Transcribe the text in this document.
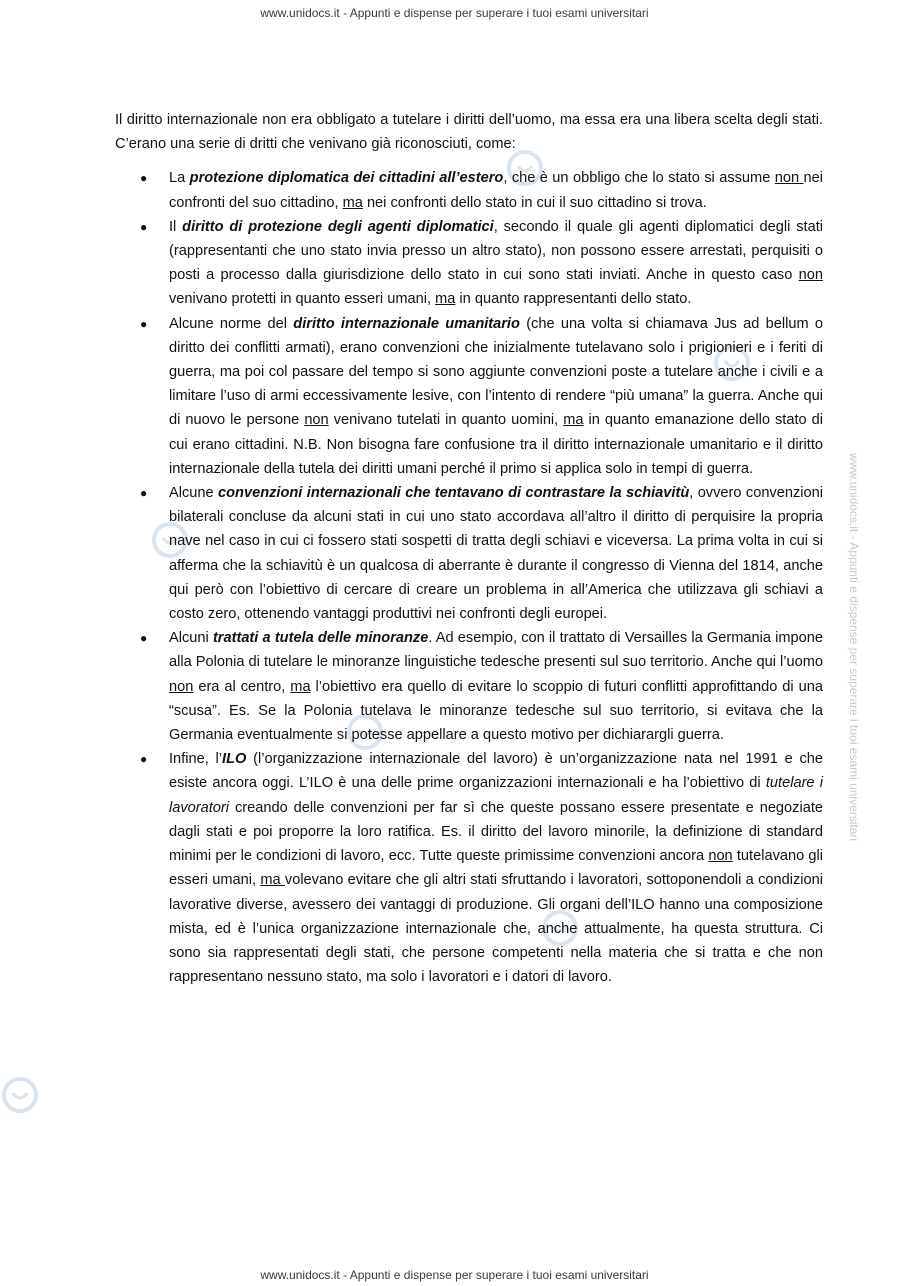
www.unidocs.it - Appunti e dispense per superare i tuoi esami universitari
www.unidocs.it - Appunti e dispense per superare i tuoi esami universitari
www.unidocs.it - Appunti e dispense per superare i tuoi esami universitari

Il diritto internazionale non era obbligato a tutelare i diritti dell’uomo, ma essa era una libera scelta degli stati. C’erano una serie di dritti che venivano già riconosciuti, come:

● La protezione diplomatica dei cittadini all’estero, che è un obbligo che lo stato si assume non nei confronti del suo cittadino, ma nei confronti dello stato in cui il suo cittadino si trova.
● Il diritto di protezione degli agenti diplomatici, secondo il quale gli agenti diplomatici degli stati (rappresentanti che uno stato invia presso un altro stato), non possono essere arrestati, perquisiti o posti a processo dalla giurisdizione dello stato in cui sono stati inviati. Anche in questo caso non venivano protetti in quanto esseri umani, ma in quanto rappresentanti dello stato.
● Alcune norme del diritto internazionale umanitario (che una volta si chiamava Jus ad bellum o diritto dei conflitti armati), erano convenzioni che inizialmente tutelavano solo i prigionieri e i feriti di guerra, ma poi col passare del tempo si sono aggiunte convenzioni poste a tutelare anche i civili e a limitare l’uso di armi eccessivamente lesive, con l’intento di rendere “più umana” la guerra. Anche qui di nuovo le persone non venivano tutelati in quanto uomini, ma in quanto emanazione dello stato di cui erano cittadini. N.B. Non bisogna fare confusione tra il diritto internazionale umanitario e il diritto internazionale della tutela dei diritti umani perché il primo si applica solo in tempi di guerra.
● Alcune convenzioni internazionali che tentavano di contrastare la schiavitù, ovvero convenzioni bilaterali concluse da alcuni stati in cui uno stato accordava all’altro il diritto di perquisire la propria nave nel caso in cui ci fossero stati sospetti di tratta degli schiavi e viceversa. La prima volta in cui si afferma che la schiavitù è un qualcosa di aberrante è durante il congresso di Vienna del 1814, anche qui però con l’obiettivo di cercare di creare un problema in all’America che utilizzava gli schiavi a costo zero, ottenendo vantaggi produttivi nei confronti degli europei.
● Alcuni trattati a tutela delle minoranze. Ad esempio, con il trattato di Versailles la Germania impone alla Polonia di tutelare le minoranze linguistiche tedesche presenti sul suo territorio. Anche qui l’uomo non era al centro, ma l’obiettivo era quello di evitare lo scoppio di futuri conflitti approfittando di una “scusa”. Es. Se la Polonia tutelava le minoranze tedesche sul suo territorio, si evitava che la Germania eventualmente si potesse appellare a questo motivo per dichiarargli guerra.
● Infine, l’ILO (l’organizzazione internazionale del lavoro) è un’organizzazione nata nel 1991 e che esiste ancora oggi. L’ILO è una delle prime organizzazioni internazionali e ha l’obiettivo di tutelare i lavoratori creando delle convenzioni per far sì che queste possano essere presentate e negoziate dagli stati e poi proporre la loro ratifica. Es. il diritto del lavoro minorile, la definizione di standard minimi per le condizioni di lavoro, ecc. Tutte queste primissime convenzioni ancora non tutelavano gli esseri umani, ma volevano evitare che gli altri stati sfruttando i lavoratori, sottoponendoli a condizioni lavorative diverse, avessero dei vantaggi di produzione. Gli organi dell’ILO hanno una composizione mista, ed è l’unica organizzazione internazionale che, anche attualmente, ha questa struttura. Ci sono sia rappresentati degli stati, che persone competenti nella materia che si tratta e che non rappresentano nessuno stato, ma solo i lavoratori e i datori di lavoro.
